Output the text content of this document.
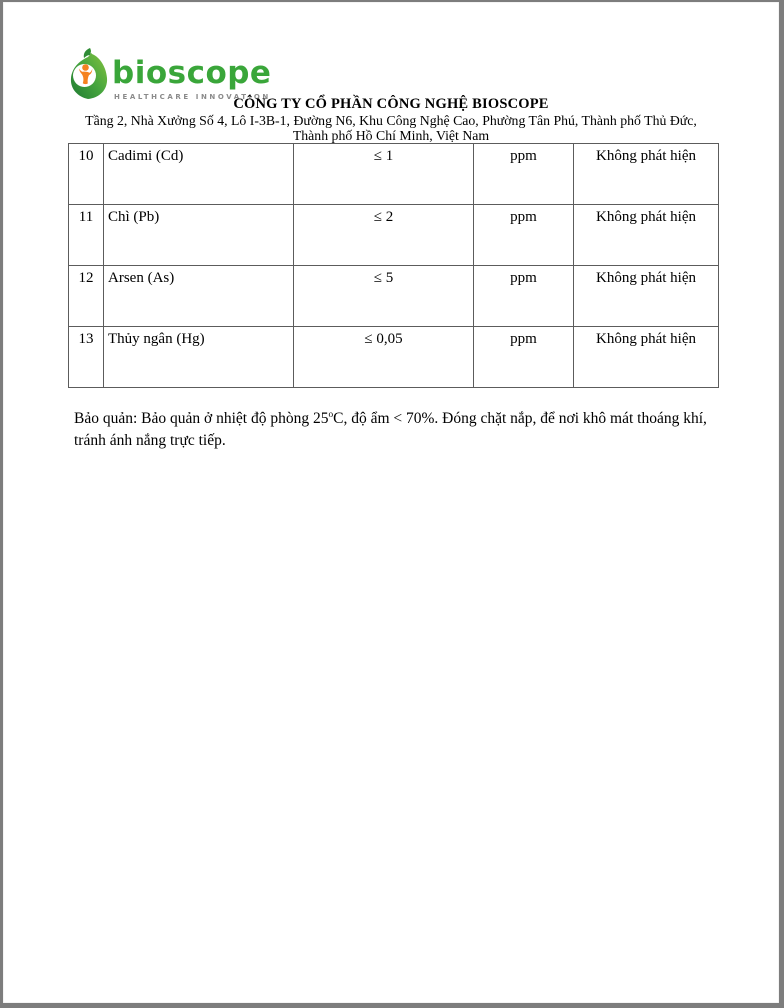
bioscope
HEALTHCARE INNOVATION
CÔNG TY CỔ PHẦN CÔNG NGHỆ BIOSCOPE
Tầng 2, Nhà Xưởng Số 4, Lô I-3B-1, Đường N6, Khu Công Nghệ Cao, Phường Tân Phú, Thành phố Thủ Đức,
Thành phố Hồ Chí Minh, Việt Nam
10	Cadimi (Cd)	≤ 1	ppm	Không phát hiện
11	Chì (Pb)	≤ 2	ppm	Không phát hiện
12	Arsen (As)	≤ 5	ppm	Không phát hiện
13	Thủy ngân (Hg)	≤ 0,05	ppm	Không phát hiện
Bảo quản: Bảo quản ở nhiệt độ phòng 25$^o$C, độ ẩm < 70%. Đóng chặt nắp, để nơi khô mát thoáng khí, tránh ánh nắng trực tiếp.
